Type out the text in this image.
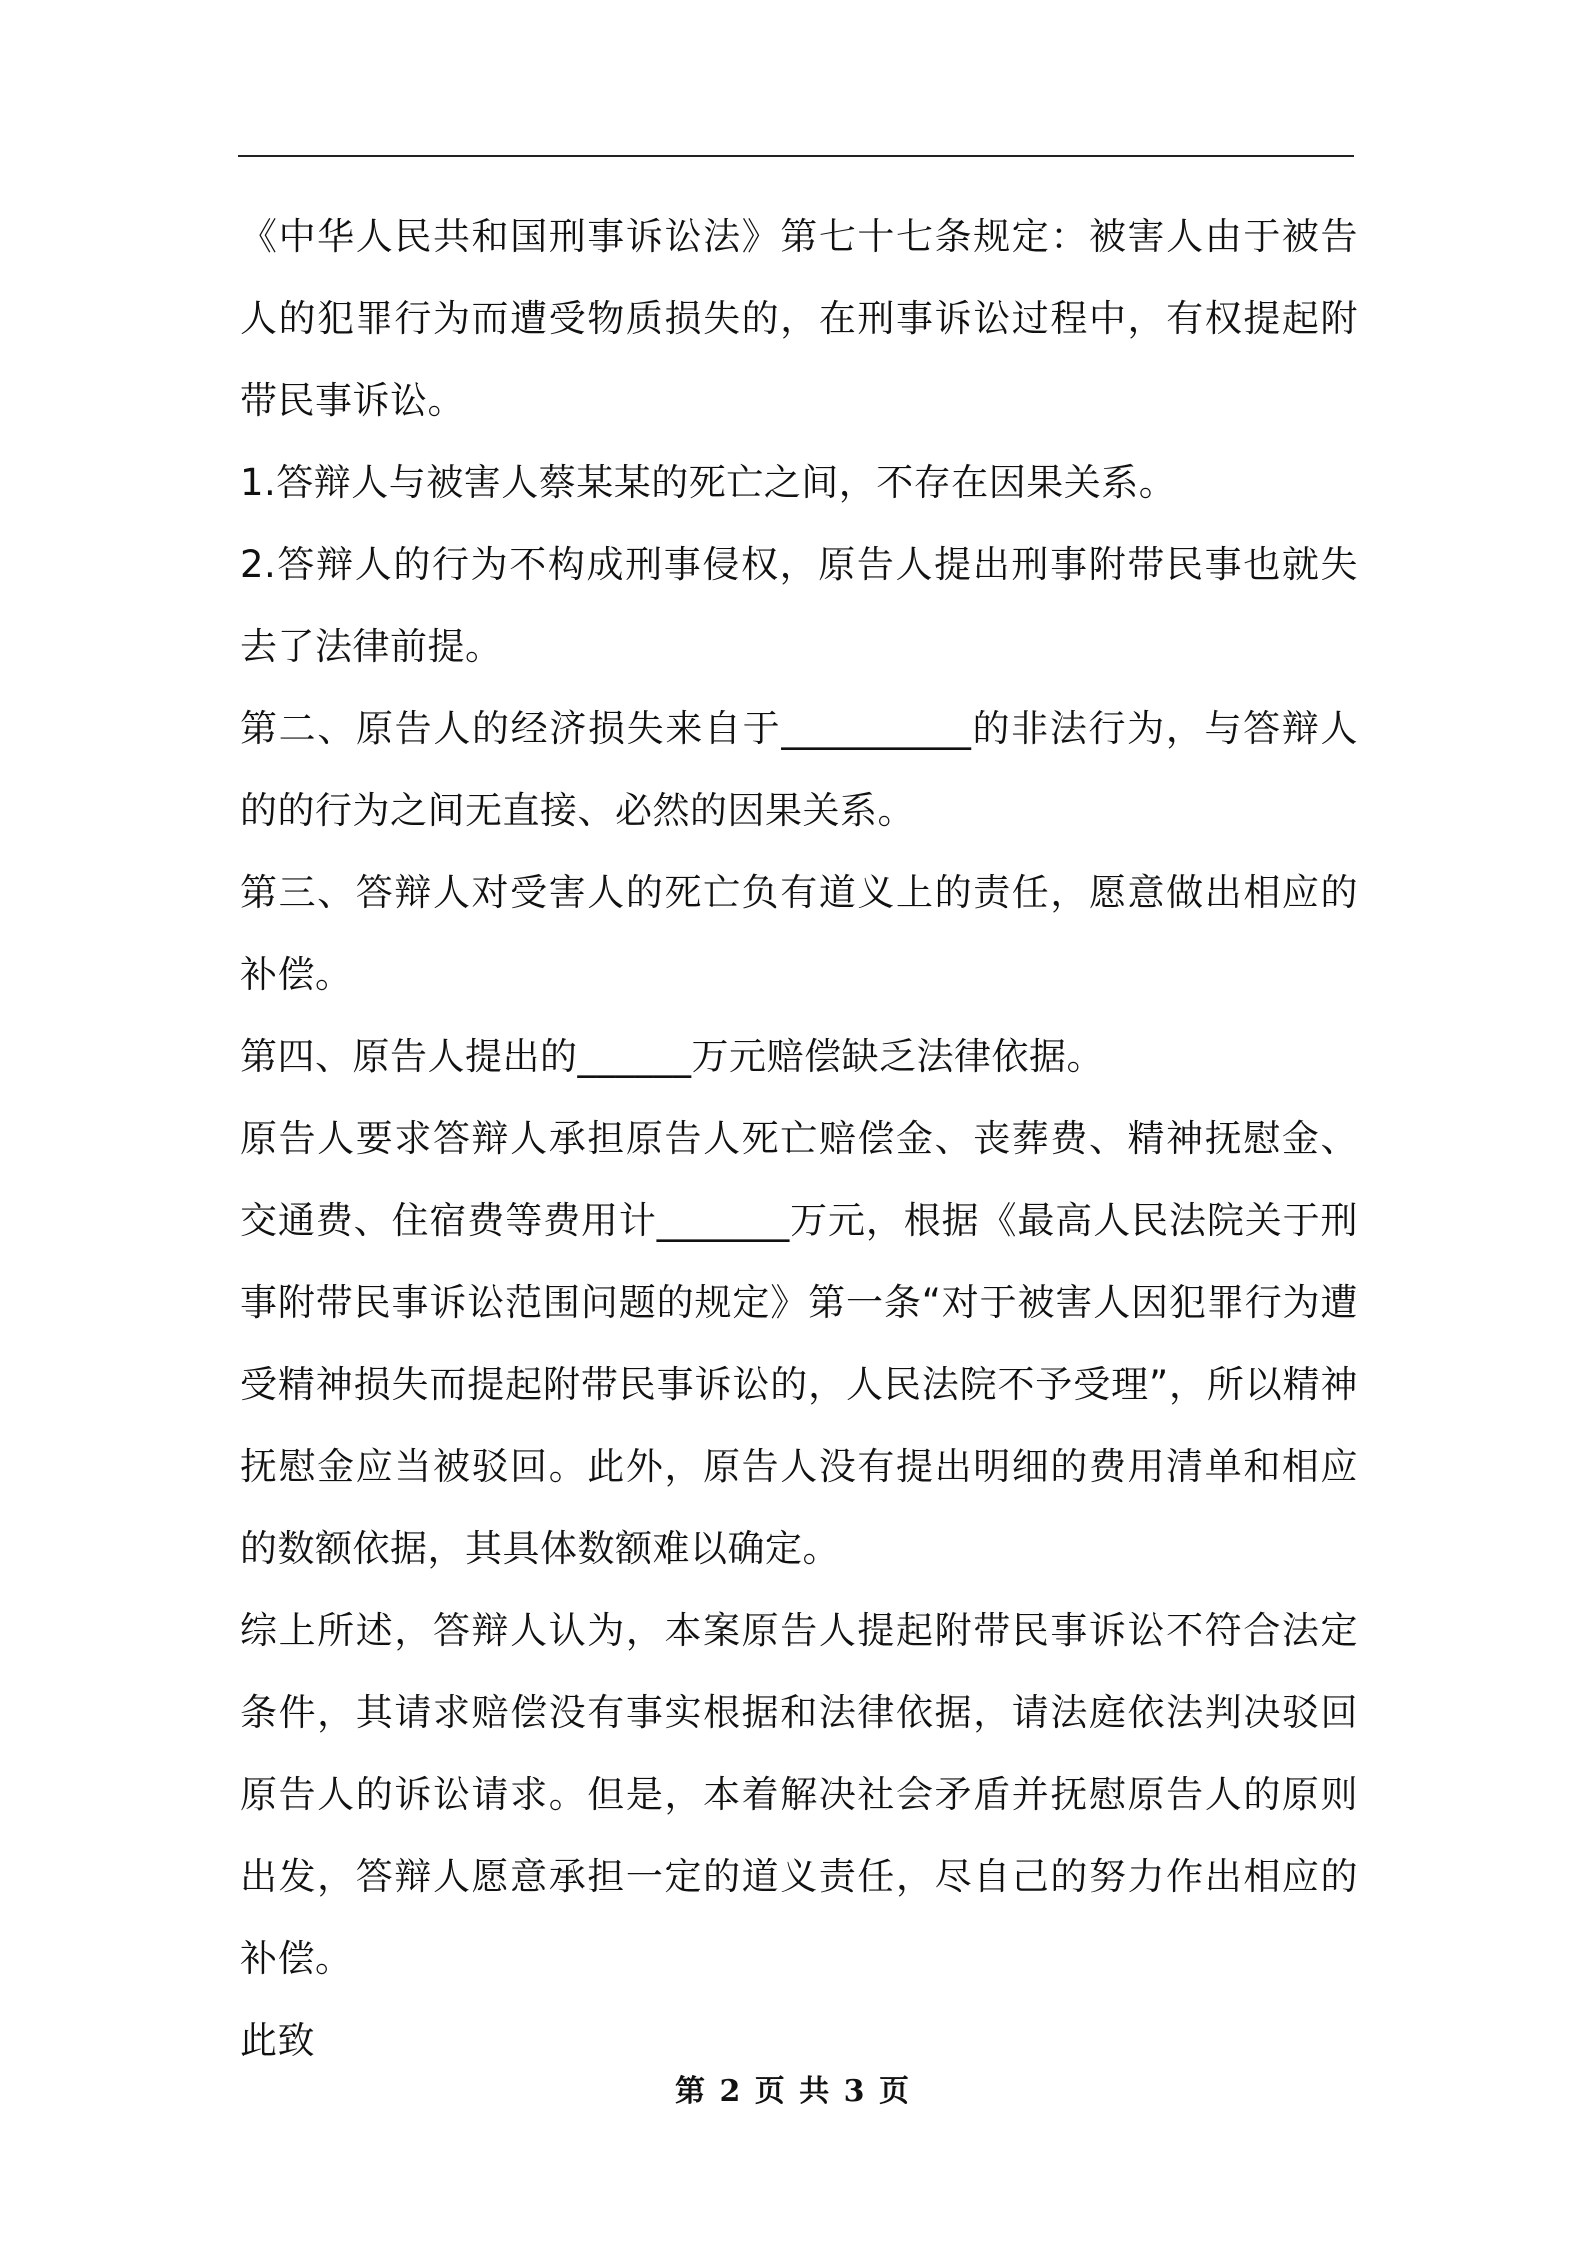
《中华人民共和国刑事诉讼法》第七十七条规定：被害人由于被告人的犯罪行为而遭受物质损失的，在刑事诉讼过程中，有权提起附带民事诉讼。

1.答辩人与被害人蔡某某的死亡之间，不存在因果关系。

2.答辩人的行为不构成刑事侵权，原告人提出刑事附带民事也就失去了法律前提。

第二、原告人的经济损失来自于__________的非法行为，与答辩人的的行为之间无直接、必然的因果关系。

第三、答辩人对受害人的死亡负有道义上的责任，愿意做出相应的补偿。

第四、原告人提出的______万元赔偿缺乏法律依据。

原告人要求答辩人承担原告人死亡赔偿金、丧葬费、精神抚慰金、交通费、住宿费等费用计_______万元，根据《最高人民法院关于刑事附带民事诉讼范围问题的规定》第一条“对于被害人因犯罪行为遭受精神损失而提起附带民事诉讼的，人民法院不予受理”，所以精神抚慰金应当被驳回。此外，原告人没有提出明细的费用清单和相应的数额依据，其具体数额难以确定。

综上所述，答辩人认为，本案原告人提起附带民事诉讼不符合法定条件，其请求赔偿没有事实根据和法律依据，请法庭依法判决驳回原告人的诉讼请求。但是，本着解决社会矛盾并抚慰原告人的原则出发，答辩人愿意承担一定的道义责任，尽自己的努力作出相应的补偿。

此致

第 2 页 共 3 页
